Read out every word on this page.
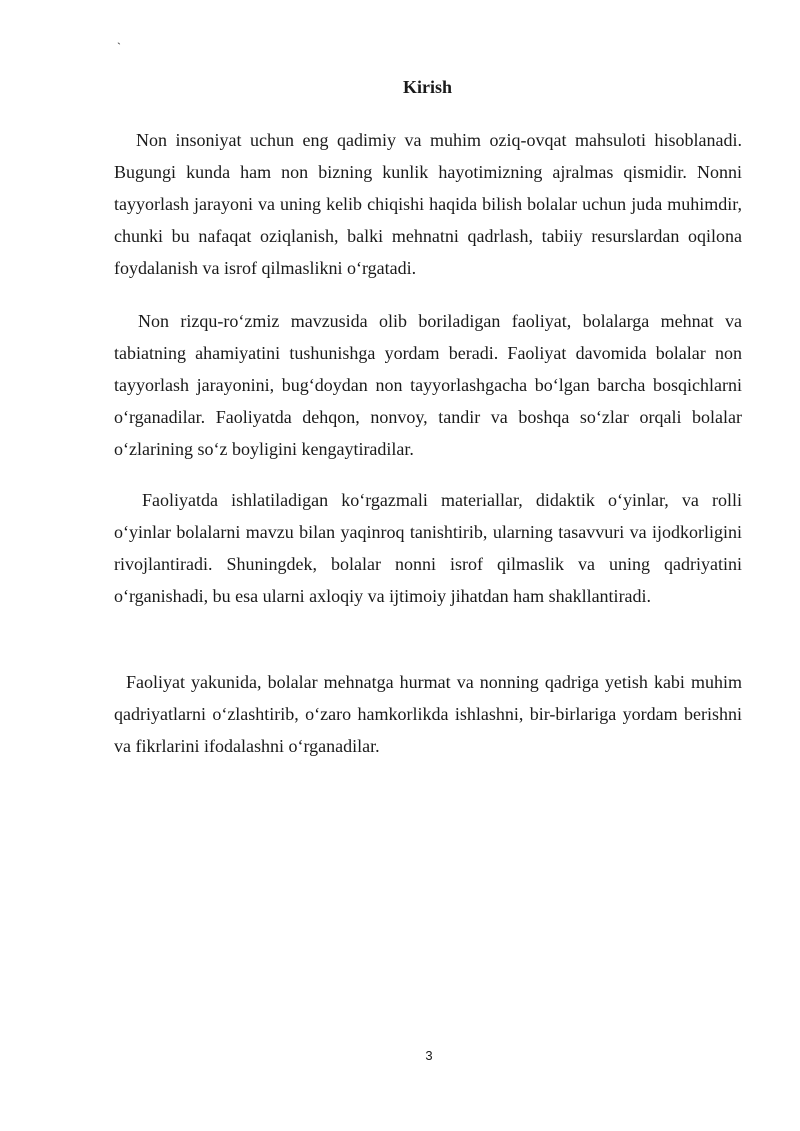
`
Kirish

Non insoniyat uchun eng qadimiy va muhim oziq-ovqat mahsuloti hisoblanadi. Bugungi kunda ham non bizning kunlik hayotimizning ajralmas qismidir. Nonni tayyorlash jarayoni va uning kelib chiqishi haqida bilish bolalar uchun juda muhimdir, chunki bu nafaqat oziqlanish, balki mehnatni qadrlash, tabiiy resurslardan oqilona foydalanish va isrof qilmaslikni oʻrgatadi.

Non rizqu-roʻzmiz mavzusida olib boriladigan faoliyat, bolalarga mehnat va tabiatning ahamiyatini tushunishga yordam beradi. Faoliyat davomida bolalar non tayyorlash jarayonini, bugʻdoydan non tayyorlashgacha boʻlgan barcha bosqichlarni oʻrganadilar. Faoliyatda dehqon, nonvoy, tandir va boshqa soʻzlar orqali bolalar oʻzlarining soʻz boyligini kengaytiradilar.

Faoliyatda ishlatiladigan koʻrgazmali materiallar, didaktik oʻyinlar, va rolli oʻyinlar bolalarni mavzu bilan yaqinroq tanishtirib, ularning tasavvuri va ijodkorligini rivojlantiradi. Shuningdek, bolalar nonni isrof qilmaslik va uning qadriyatini oʻrganishadi, bu esa ularni axloqiy va ijtimoiy jihatdan ham shakllantiradi.

Faoliyat yakunida, bolalar mehnatga hurmat va nonning qadriga yetish kabi muhim qadriyatlarni oʻzlashtirib, oʻzaro hamkorlikda ishlashni, bir-birlariga yordam berishni va fikrlarini ifodalashni oʻrganadilar.

3
